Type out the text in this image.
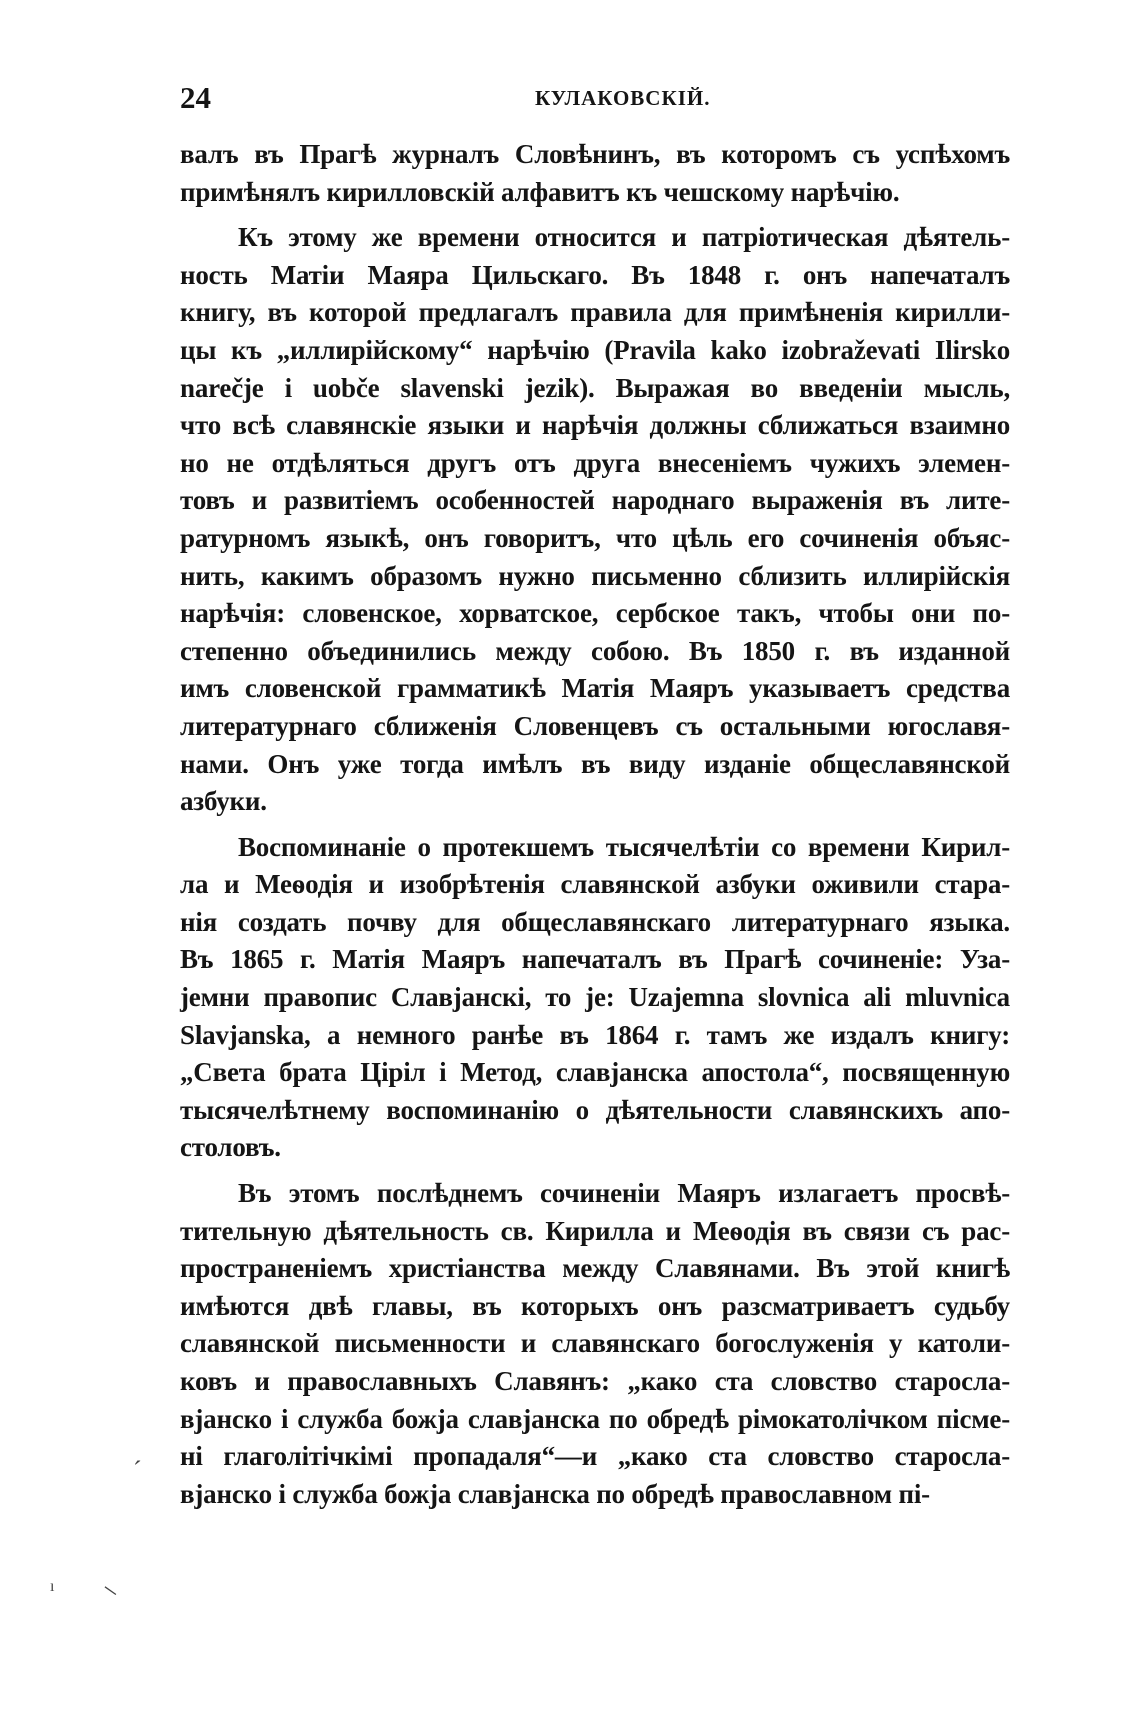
24	КУЛАКОВСКІЙ.
валъ въ Прагѣ журналъ Словѣнинъ, въ которомъ съ успѣхомъ
примѣнялъ кирилловскій алфавитъ къ чешскому нарѣчію.
Къ этому же времени относится и патріотическая дѣятель-
ность Матіи Маяра Цильскаго. Въ 1848 г. онъ напечаталъ
книгу, въ которой предлагалъ правила для примѣненія кирилли-
цы къ „иллирійскому“ нарѣчію (Pravila kako izobraževati Ilirsko
narečje i uobče slavenski jezik). Выражая во введеніи мысль,
что всѣ славянскіе языки и нарѣчія должны сближаться взаимно
но не отдѣляться другъ отъ друга внесеніемъ чужихъ элемен-
товъ и развитіемъ особенностей народнаго выраженія въ лите-
ратурномъ языкѣ, онъ говоритъ, что цѣль его сочиненія объяс-
нить, какимъ образомъ нужно письменно сблизить иллирійскія
нарѣчія: словенское, хорватское, сербское такъ, чтобы они по-
степенно объединились между собою. Въ 1850 г. въ изданной
имъ словенской грамматикѣ Матія Маяръ указываетъ средства
литературнаго сближенія Словенцевъ съ остальными югославя-
нами. Онъ уже тогда имѣлъ въ виду изданіе общеславянской
азбуки.
Воспоминаніе о протекшемъ тысячелѣтіи со времени Кирил-
ла и Меѳодія и изобрѣтенія славянской азбуки оживили стара-
нія создать почву для общеславянскаго литературнаго языка.
Въ 1865 г. Матія Маяръ напечаталъ въ Прагѣ сочиненіе: Уза-
јемни правопис Славјанскі, то је: Uzajemna slovnica ali mluvnica
Slavjanska, а немного ранѣе въ 1864 г. тамъ же издалъ книгу:
„Света брата Ціріл і Метод, славјанска апостола“, посвященную
тысячелѣтнему воспоминанію о дѣятельности славянскихъ апо-
столовъ.
Въ этомъ послѣднемъ сочиненіи Маяръ излагаетъ просвѣ-
тительную дѣятельность св. Кирилла и Меѳодія въ связи съ рас-
пространеніемъ христіанства между Славянами. Въ этой книгѣ
имѣются двѣ главы, въ которыхъ онъ разсматриваетъ судьбу
славянской письменности и славянскаго богослуженія у католи-
ковъ и православныхъ Славянъ: „како ста словство старосла-
вјанско і служба божја славјанска по обредѣ рімокатолічком пісме-
ні глаголітічкімі пропадаля“—и „како ста словство старосла-
вјанско і служба божја славјанска по обредѣ православном пі-
ˊ
ı –
